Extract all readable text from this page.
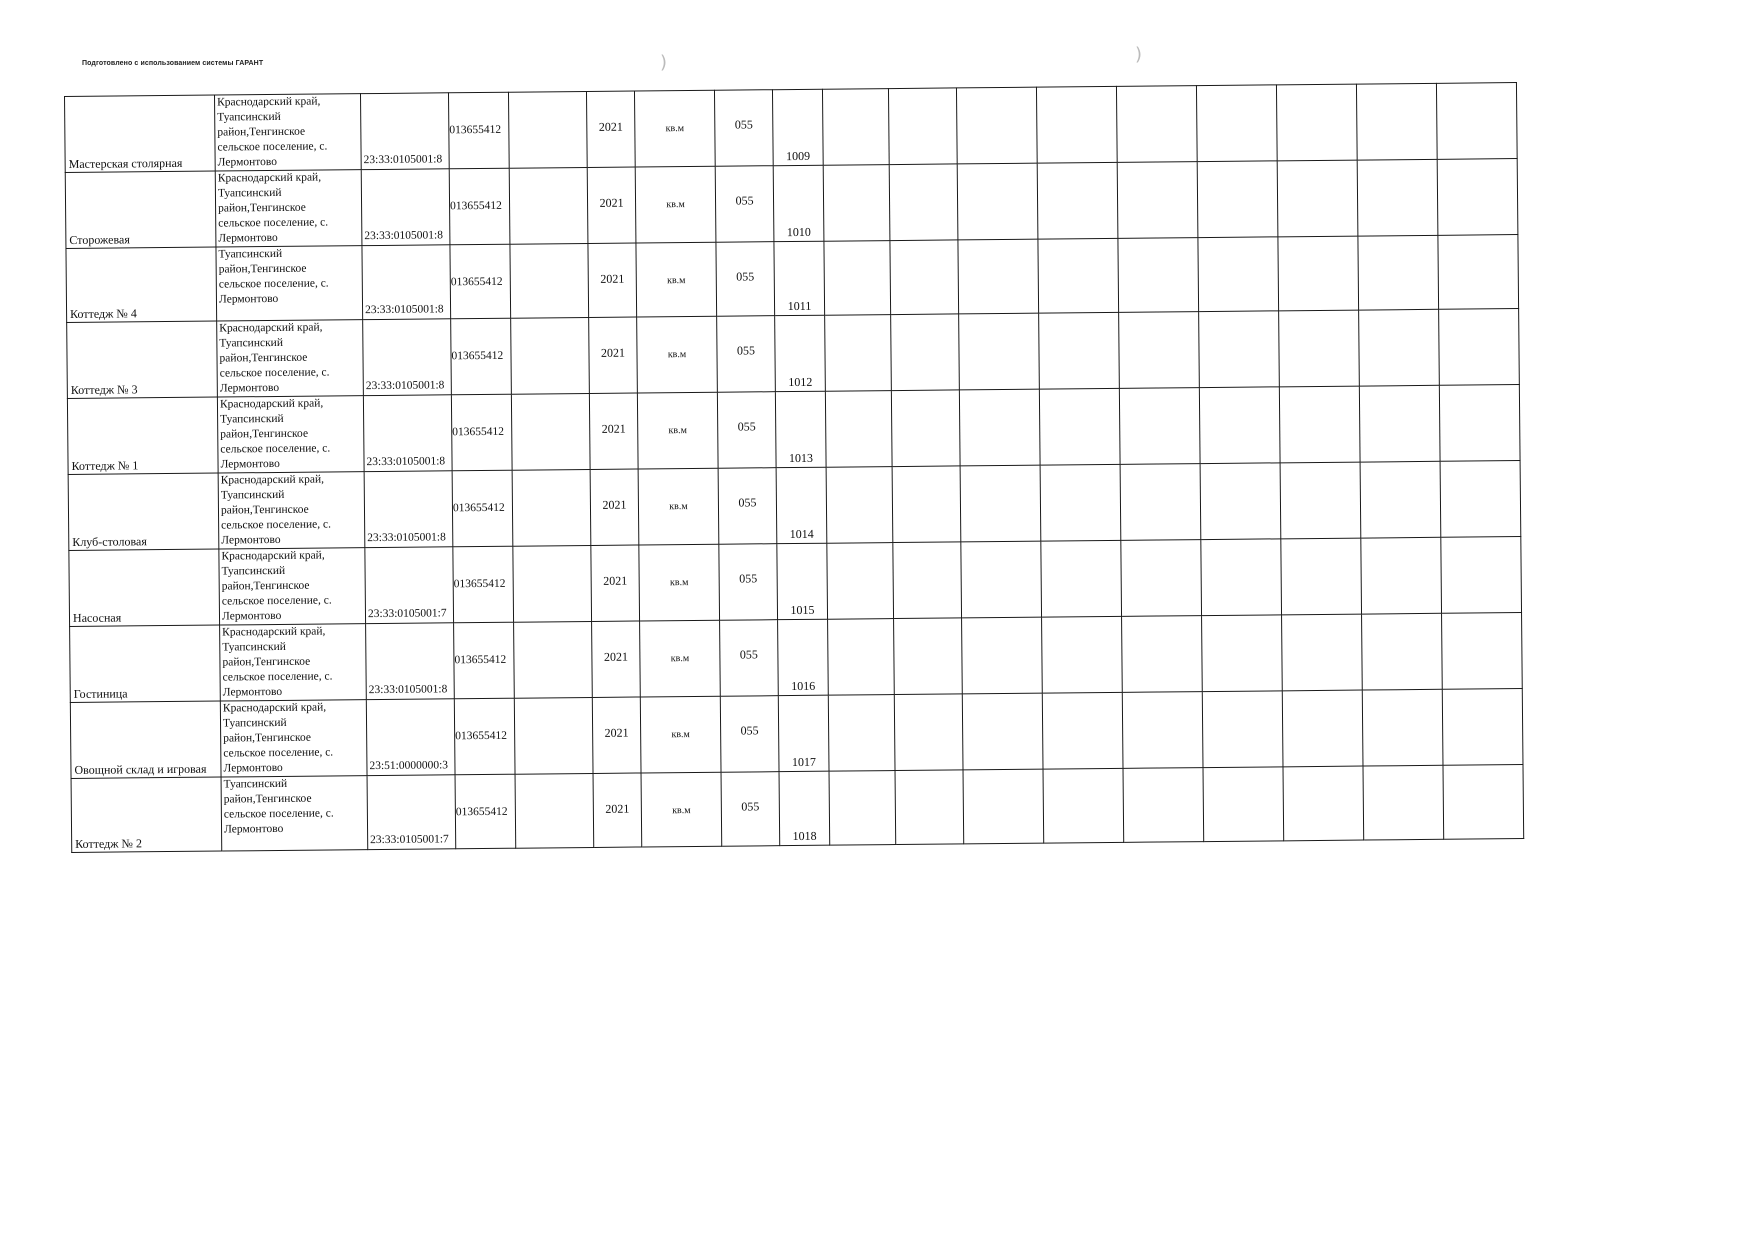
Подготовлено с использованием системы ГАРАНТ	)	)
Мастерская столярная	Краснодарский край,
Туапсинский
район,Тенгинское
сельское поселение, с.
Лермонтово	23:33:0105001:8	013655412		2021	кв.м	055	1009									
Сторожевая	Краснодарский край,
Туапсинский
район,Тенгинское
сельское поселение, с.
Лермонтово	23:33:0105001:8	013655412		2021	кв.м	055	1010									
Коттедж № 4	Туапсинский
район,Тенгинское
сельское поселение, с.
Лермонтово	23:33:0105001:8	013655412		2021	кв.м	055	1011									
Коттедж № 3	Краснодарский край,
Туапсинский
район,Тенгинское
сельское поселение, с.
Лермонтово	23:33:0105001:8	013655412		2021	кв.м	055	1012									
Коттедж № 1	Краснодарский край,
Туапсинский
район,Тенгинское
сельское поселение, с.
Лермонтово	23:33:0105001:8	013655412		2021	кв.м	055	1013									
Клуб-столовая	Краснодарский край,
Туапсинский
район,Тенгинское
сельское поселение, с.
Лермонтово	23:33:0105001:8	013655412		2021	кв.м	055	1014									
Насосная	Краснодарский край,
Туапсинский
район,Тенгинское
сельское поселение, с.
Лермонтово	23:33:0105001:7	013655412		2021	кв.м	055	1015									
Гостиница	Краснодарский край,
Туапсинский
район,Тенгинское
сельское поселение, с.
Лермонтово	23:33:0105001:8	013655412		2021	кв.м	055	1016									
Овощной склад и игровая	Краснодарский край,
Туапсинский
район,Тенгинское
сельское поселение, с.
Лермонтово	23:51:0000000:3	013655412		2021	кв.м	055	1017									
Коттедж № 2	Туапсинский
район,Тенгинское
сельское поселение, с.
Лермонтово	23:33:0105001:7	013655412		2021	кв.м	055	1018									
